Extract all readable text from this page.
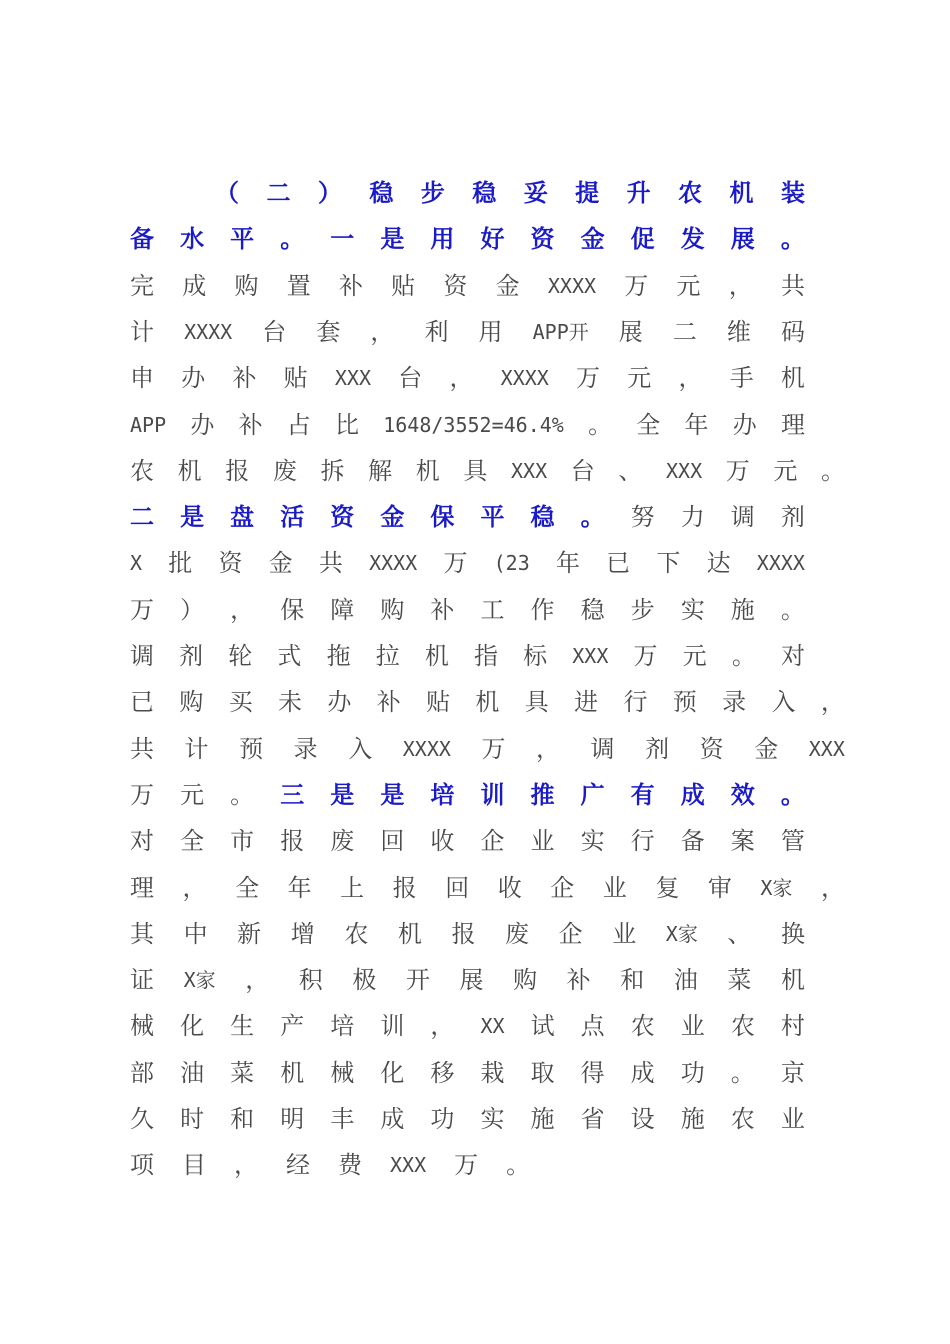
（ 二 ） 稳 步 稳 妥 提 升 农 机 装
备 水 平 。 一 是 用 好 资 金 促 发 展 。
完 成 购 置 补 贴 资 金 XXXX 万 元 ， 共
计 XXXX 台 套 ， 利 用 APP开 展 二 维 码
申 办 补 贴 XXX 台 ， XXXX 万 元 ， 手 机
APP 办 补 占 比 1648/3552=46.4% 。 全 年 办 理
农 机 报 废 拆 解 机 具 XXX 台 、 XXX 万 元 。
二 是 盘 活 资 金 保 平 稳 。 努 力 调 剂
X 批 资 金 共 XXXX 万 (23 年 已 下 达 XXXX
万 ） ， 保 障 购 补 工 作 稳 步 实 施 。
调 剂 轮 式 拖 拉 机 指 标 XXX 万 元 。 对
已 购 买 未 办 补 贴 机 具 进 行 预 录 入 ，
共 计 预 录 入 XXXX 万 ， 调 剂 资 金 XXX
万 元 。 三 是 是 培 训 推 广 有 成 效 。
对 全 市 报 废 回 收 企 业 实 行 备 案 管
理 ， 全 年 上 报 回 收 企 业 复 审 X家 ，
其 中 新 增 农 机 报 废 企 业 X家 、 换
证 X家 ， 积 极 开 展 购 补 和 油 菜 机
械 化 生 产 培 训 ， XX 试 点 农 业 农 村
部 油 菜 机 械 化 移 栽 取 得 成 功 。 京
久 时 和 明 丰 成 功 实 施 省 设 施 农 业
项 目 ， 经 费 XXX 万 。
